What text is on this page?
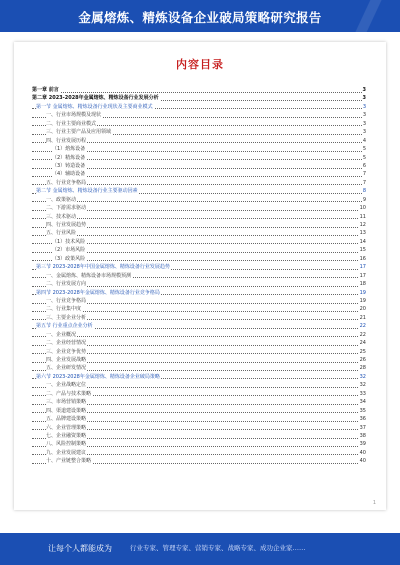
金属熔炼、精炼设备企业破局策略研究报告
内容目录
第一章 前言	3
第二章 2023-2028年金属熔炼、精炼设备行业发展分析	3
第一节 金属熔炼、精炼设备行业现状及主要商业模式	3
一、行业市场规模及现状	3
二、行业主要商业模式	3
三、行业主要产品及应用领域	3
四、行业发展历程	4
（1）熔炼设备	5
（2）精炼设备	5
（3）铸造设备	6
（4）辅助设备	7
五、行业竞争格局	7
第二节 金属熔炼、精炼设备行业主要驱动因素	8
一、政策驱动	9
二、下游需求驱动	10
三、技术驱动	11
四、行业发展趋势	12
五、行业风险	13
（1）技术风险	14
（2）市场风险	15
（3）政策风险	16
第三节 2023-2028年中国金属熔炼、精炼设备行业发展趋势	17
一、金属熔炼、精炼设备市场规模预测	17
二、行业发展方向	18
第四节 2023-2028年金属熔炼、精炼设备行业竞争格局	19
一、行业竞争格局	19
二、行业集中度	20
三、主要企业分析	21
第五节 行业重点企业分析	22
一、企业概况	22
二、企业经营情况	24
三、企业竞争优势	25
四、企业发展战略	26
五、企业研发情况	28
第六节 2023-2028年金属熔炼、精炼设备企业破局策略	32
一、企业战略定位	32
二、产品与技术策略	33
三、市场营销策略	34
四、渠道建设策略	35
五、品牌建设策略	36
六、企业管理策略	37
七、企业融资策略	38
八、风险控制策略	39
九、企业发展建议	40
十、产业链整合策略	40
1
让每个人都能成为	行业专家、管理专家、营销专家、战略专家、成功企业家……
